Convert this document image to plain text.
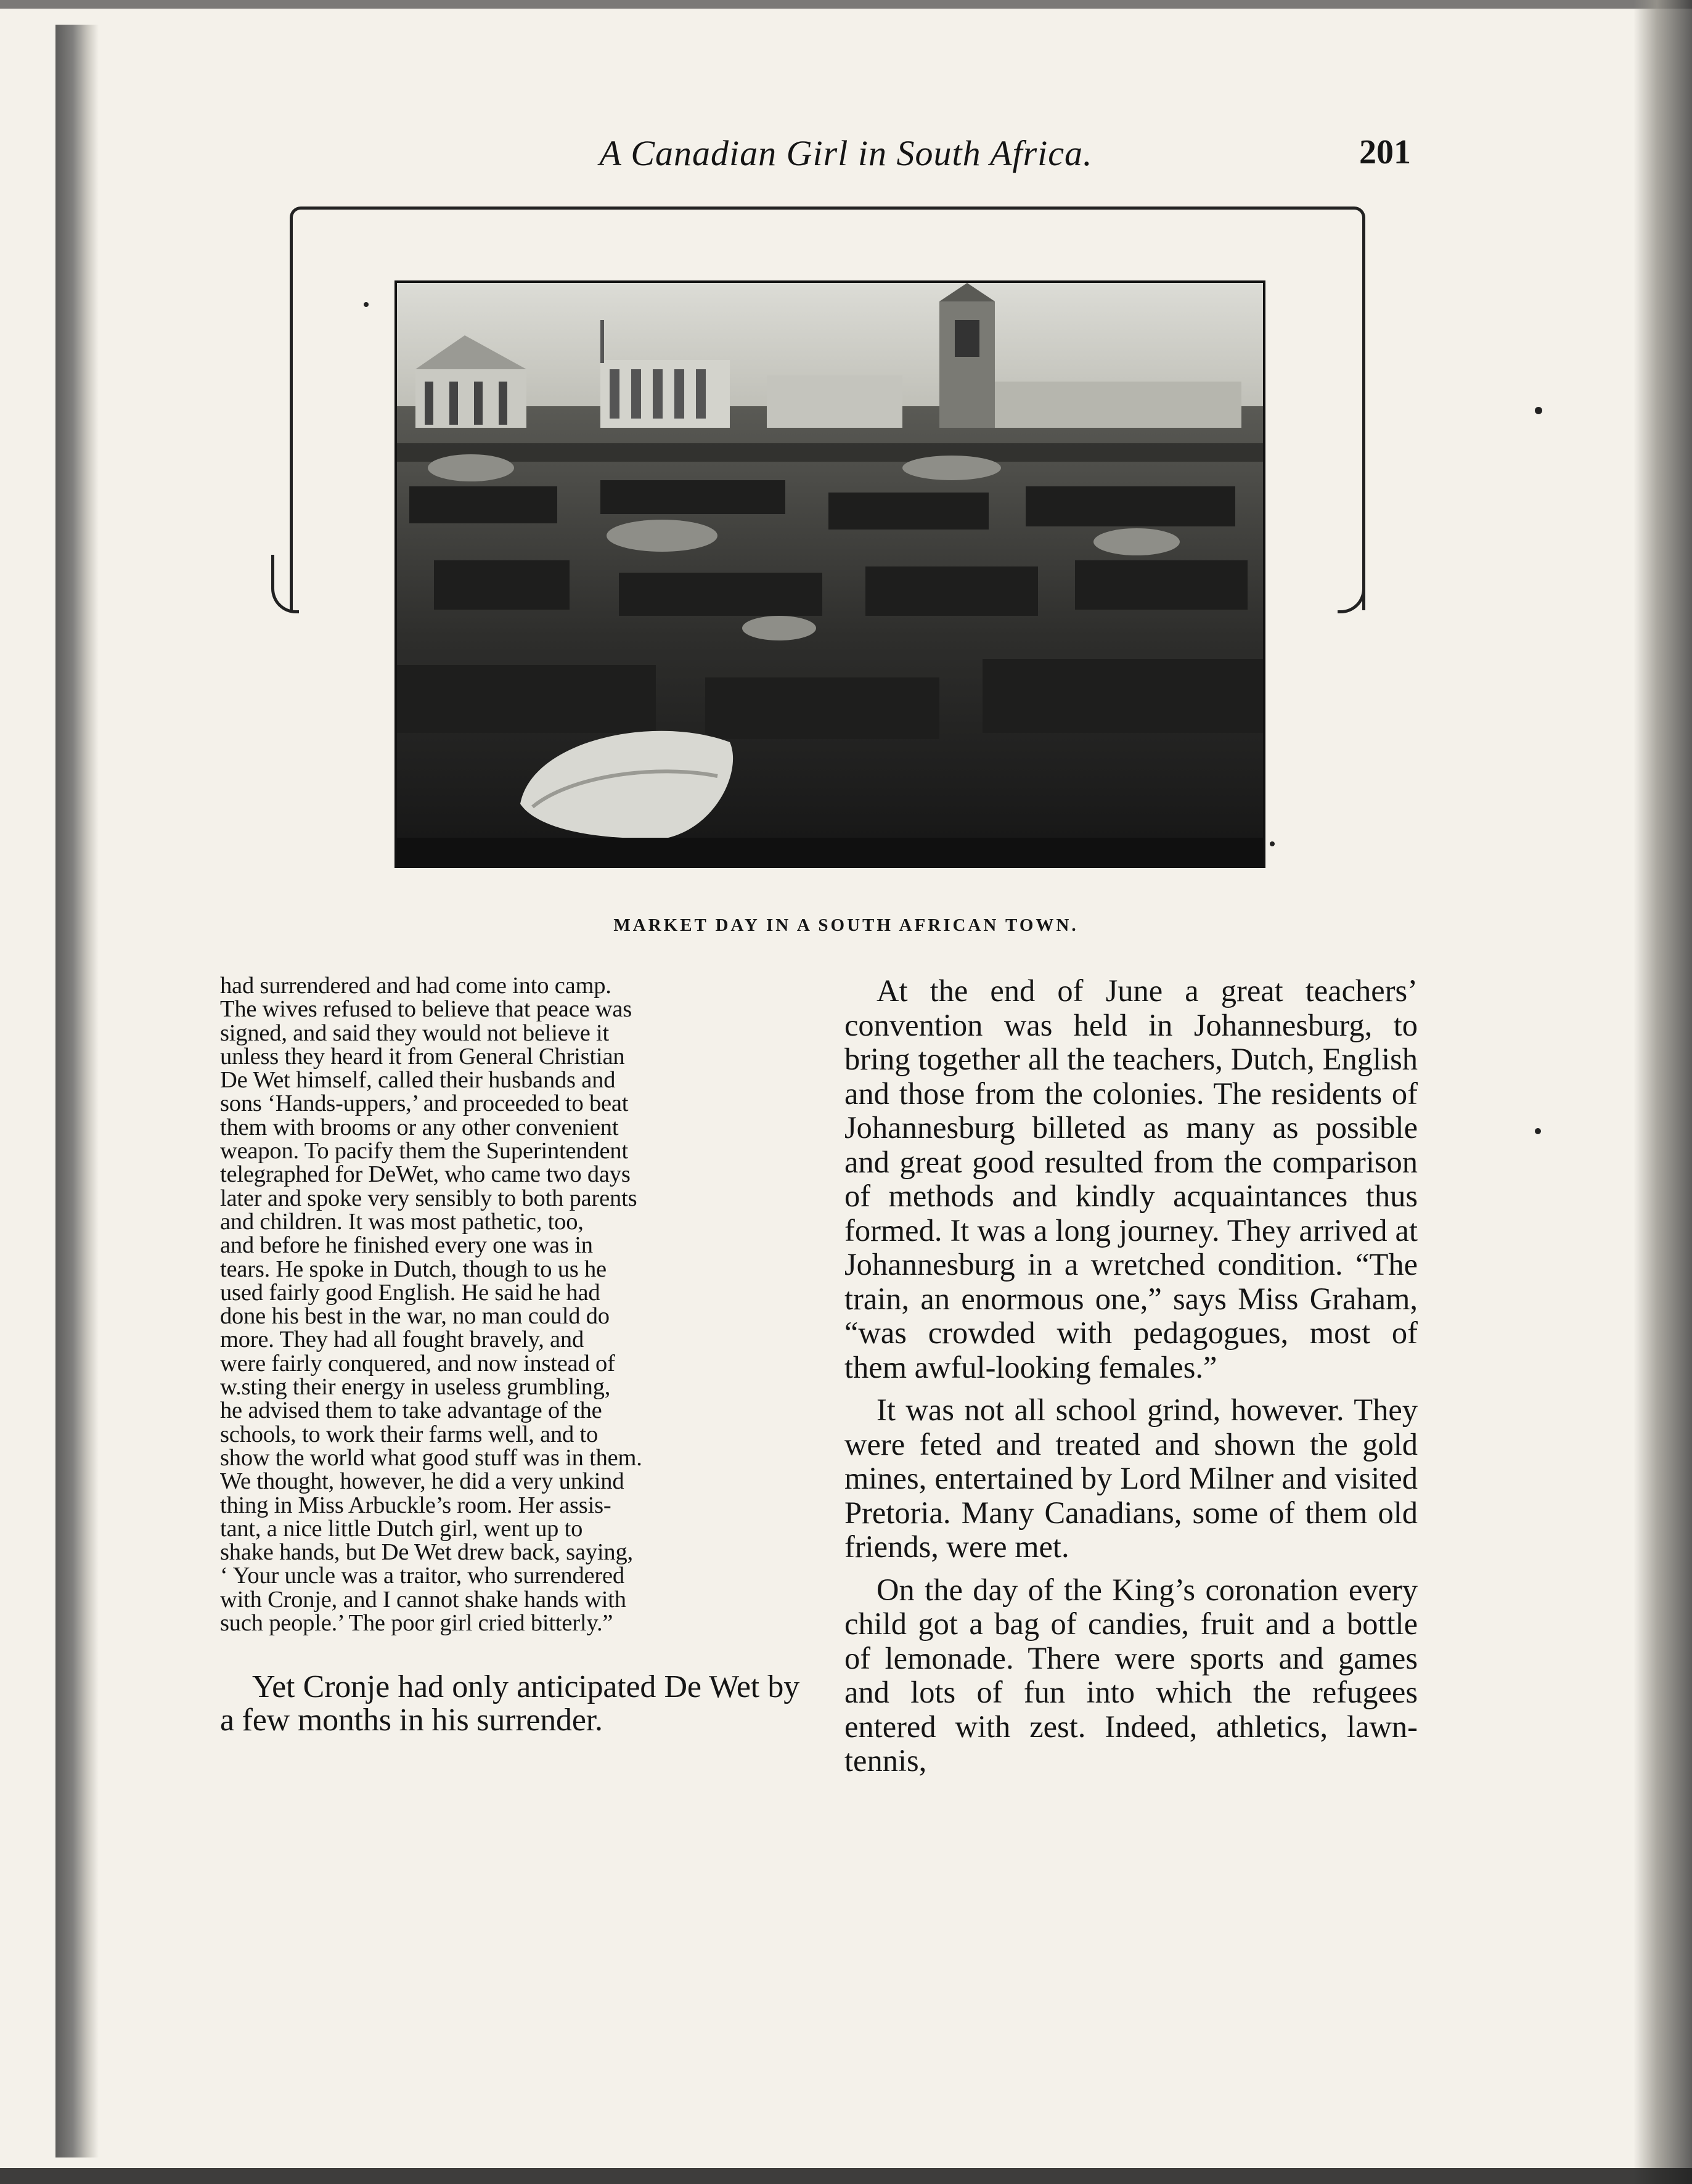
A Canadian Girl in South Africa.	201
MARKET DAY IN A SOUTH AFRICAN TOWN.

had surrendered and had come into camp.
The wives refused to believe that peace was
signed, and said they would not believe it
unless they heard it from General Christian
De Wet himself, called their husbands and
sons ‘Hands-uppers,’ and proceeded to beat
them with brooms or any other convenient
weapon. To pacify them the Superintendent
telegraphed for DeWet, who came two days
later and spoke very sensibly to both parents
and children. It was most pathetic, too,
and before he finished every one was in
tears. He spoke in Dutch, though to us he
used fairly good English. He said he had
done his best in the war, no man could do
more. They had all fought bravely, and
were fairly conquered, and now instead of
w.sting their energy in useless grumbling,
he advised them to take advantage of the
schools, to work their farms well, and to
show the world what good stuff was in them.
We thought, however, he did a very unkind
thing in Miss Arbuckle’s room. Her assis-
tant, a nice little Dutch girl, went up to
shake hands, but De Wet drew back, saying,
‘ Your uncle was a traitor, who surrendered
with Cronje, and I cannot shake hands with
such people.’ The poor girl cried bitterly.”

Yet Cronje had only anticipated De Wet by a few months in his surrender.

At the end of June a great teachers’ convention was held in Johannesburg, to bring together all the teachers, Dutch, English and those from the colonies. The residents of Johannesburg billeted as many as possible and great good resulted from the comparison of methods and kindly acquaintances thus formed. It was a long journey. They arrived at Johannesburg in a wretched condition. “The train, an enormous one,” says Miss Graham, “was crowded with pedagogues, most of them awful-looking females.”

It was not all school grind, however. They were feted and treated and shown the gold mines, entertained by Lord Milner and visited Pretoria. Many Canadians, some of them old friends, were met.

On the day of the King’s coronation every child got a bag of candies, fruit and a bottle of lemonade. There were sports and games and lots of fun into which the refugees entered with zest. Indeed, athletics, lawn-tennis,
